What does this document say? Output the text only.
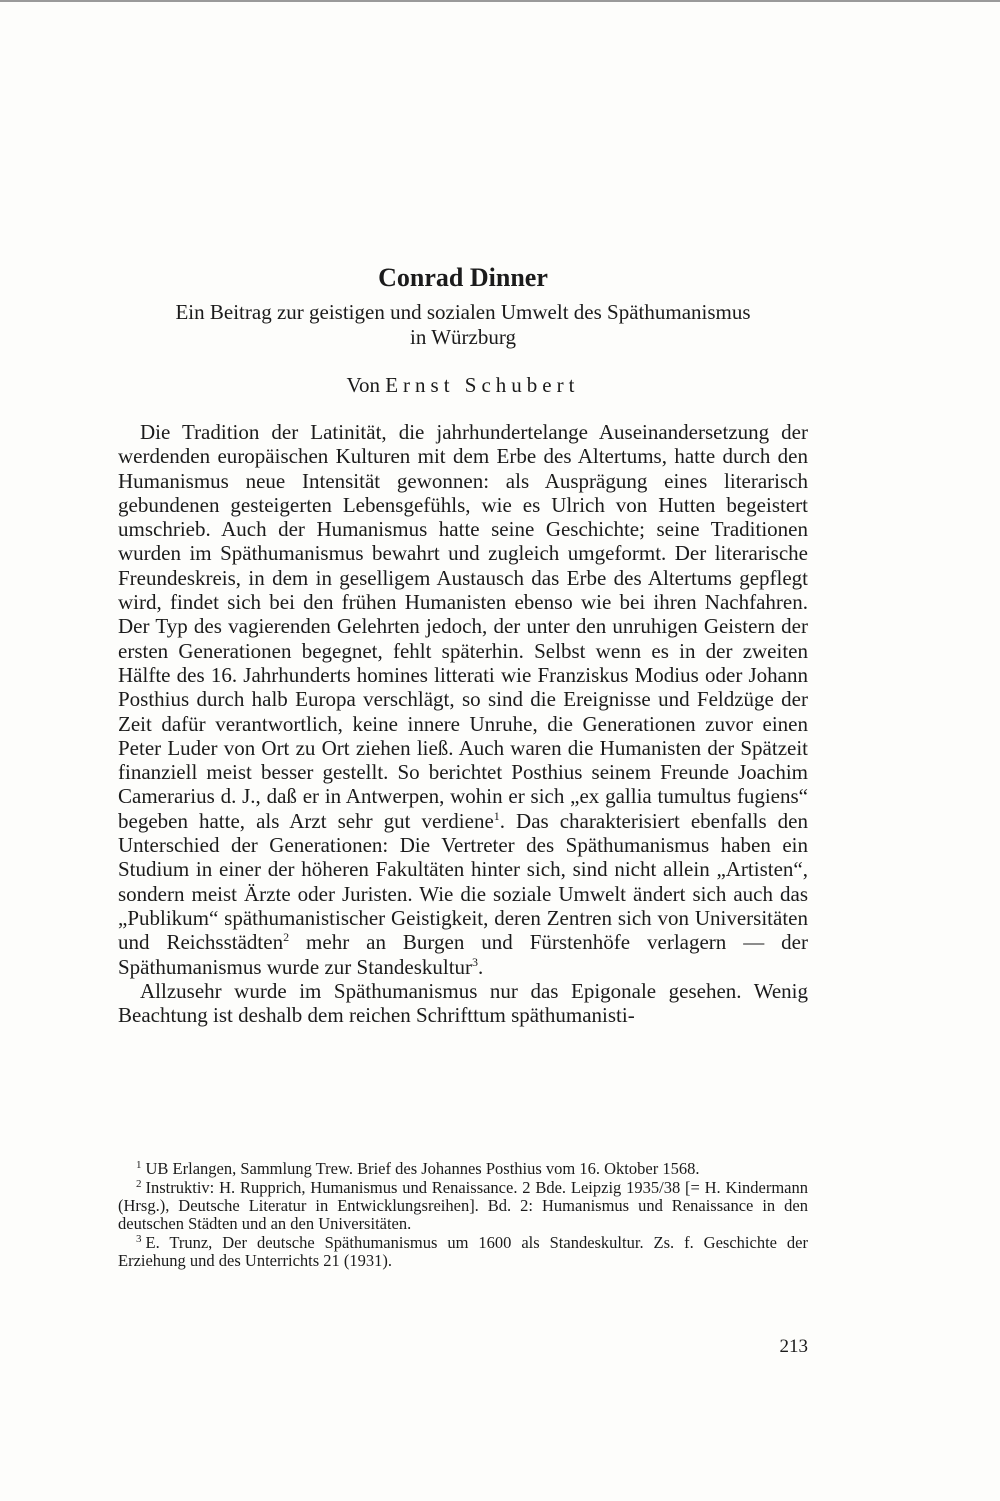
Conrad Dinner
Ein Beitrag zur geistigen und sozialen Umwelt des Späthumanismus
in Würzburg
Von Ernst Schubert

Die Tradition der Latinität, die jahrhundertelange Auseinandersetzung der werdenden europäischen Kulturen mit dem Erbe des Altertums, hatte durch den Humanismus neue Intensität gewonnen: als Ausprägung eines literarisch gebundenen gesteigerten Lebensgefühls, wie es Ulrich von Hutten begeistert umschrieb. Auch der Humanismus hatte seine Geschichte; seine Traditionen wurden im Späthumanismus bewahrt und zugleich umgeformt. Der literarische Freundeskreis, in dem in geselligem Austausch das Erbe des Altertums gepflegt wird, findet sich bei den frühen Humanisten ebenso wie bei ihren Nachfahren. Der Typ des vagierenden Gelehrten jedoch, der unter den unruhigen Geistern der ersten Generationen begegnet, fehlt späterhin. Selbst wenn es in der zweiten Hälfte des 16. Jahrhunderts homines litterati wie Franziskus Modius oder Johann Posthius durch halb Europa verschlägt, so sind die Ereignisse und Feldzüge der Zeit dafür verantwortlich, keine innere Unruhe, die Generationen zuvor einen Peter Luder von Ort zu Ort ziehen ließ. Auch waren die Humanisten der Spätzeit finanziell meist besser gestellt. So berichtet Posthius seinem Freunde Joachim Camerarius d. J., daß er in Antwerpen, wohin er sich „ex gallia tumultus fugiens“ begeben hatte, als Arzt sehr gut verdiene$^1$. Das charakterisiert ebenfalls den Unterschied der Generationen: Die Vertreter des Späthumanismus haben ein Studium in einer der höheren Fakultäten hinter sich, sind nicht allein „Artisten“, sondern meist Ärzte oder Juristen. Wie die soziale Umwelt ändert sich auch das „Publikum“ späthumanistischer Geistigkeit, deren Zentren sich von Universitäten und Reichsstädten$^2$ mehr an Burgen und Fürstenhöfe verlagern — der Späthumanismus wurde zur Standeskultur$^3$.

Allzusehr wurde im Späthumanismus nur das Epigonale gesehen. Wenig Beachtung ist deshalb dem reichen Schrifttum späthumanisti-

$^1$ UB Erlangen, Sammlung Trew. Brief des Johannes Posthius vom 16. Oktober 1568.

$^2$ Instruktiv: H. Rupprich, Humanismus und Renaissance. 2 Bde. Leipzig 1935/38 [= H. Kindermann (Hrsg.), Deutsche Literatur in Entwicklungsreihen]. Bd. 2: Humanismus und Renaissance in den deutschen Städten und an den Universitäten.

$^3$ E. Trunz, Der deutsche Späthumanismus um 1600 als Standeskultur. Zs. f. Geschichte der Erziehung und des Unterrichts 21 (1931).

213
